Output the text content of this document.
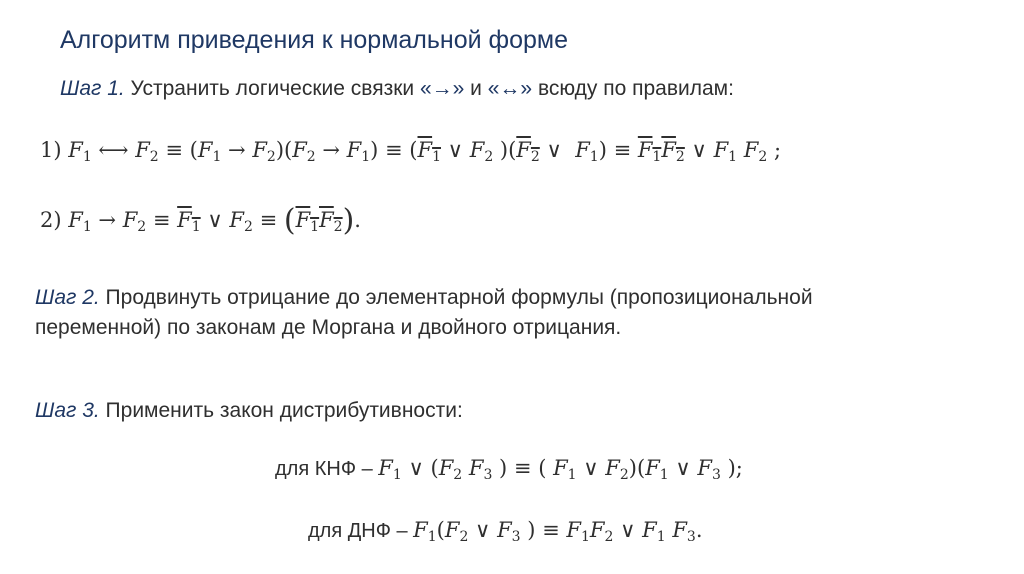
Алгоритм приведения к нормальной форме
Шаг 1. Устранить логические связки «→» и «↔» всюду по правилам:
1) $F_1$ ⟷ $F_2 \equiv (F_1 \to F_2)(F_2 \to F_1) \equiv (F_1$ ∨ $F_2$ )($F_2$ ∨  $F_1) \equiv F_1F_2$ ∨ $F_1$ $F_2$ ;
2) $F_1 \to F_2 \equiv F_1$ ∨ $F_2 \equiv (F_1F_2)$.
Шаг 2. Продвинуть отрицание до элементарной формулы (пропозициональной переменной) по законам де Моргана и двойного отрицания.
Шаг 3. Применить закон дистрибутивности:
для КНФ – $F_1$ ∨ ($F_2$ $F_3$ ) ≡ ( $F_1$ ∨ $F_2)(F_1$ ∨ $F_3$ );
для ДНФ – $F_1(F_2$ ∨ $F_3$ ) ≡ $F_1F_2$ ∨ $F_1$ $F_3$.
